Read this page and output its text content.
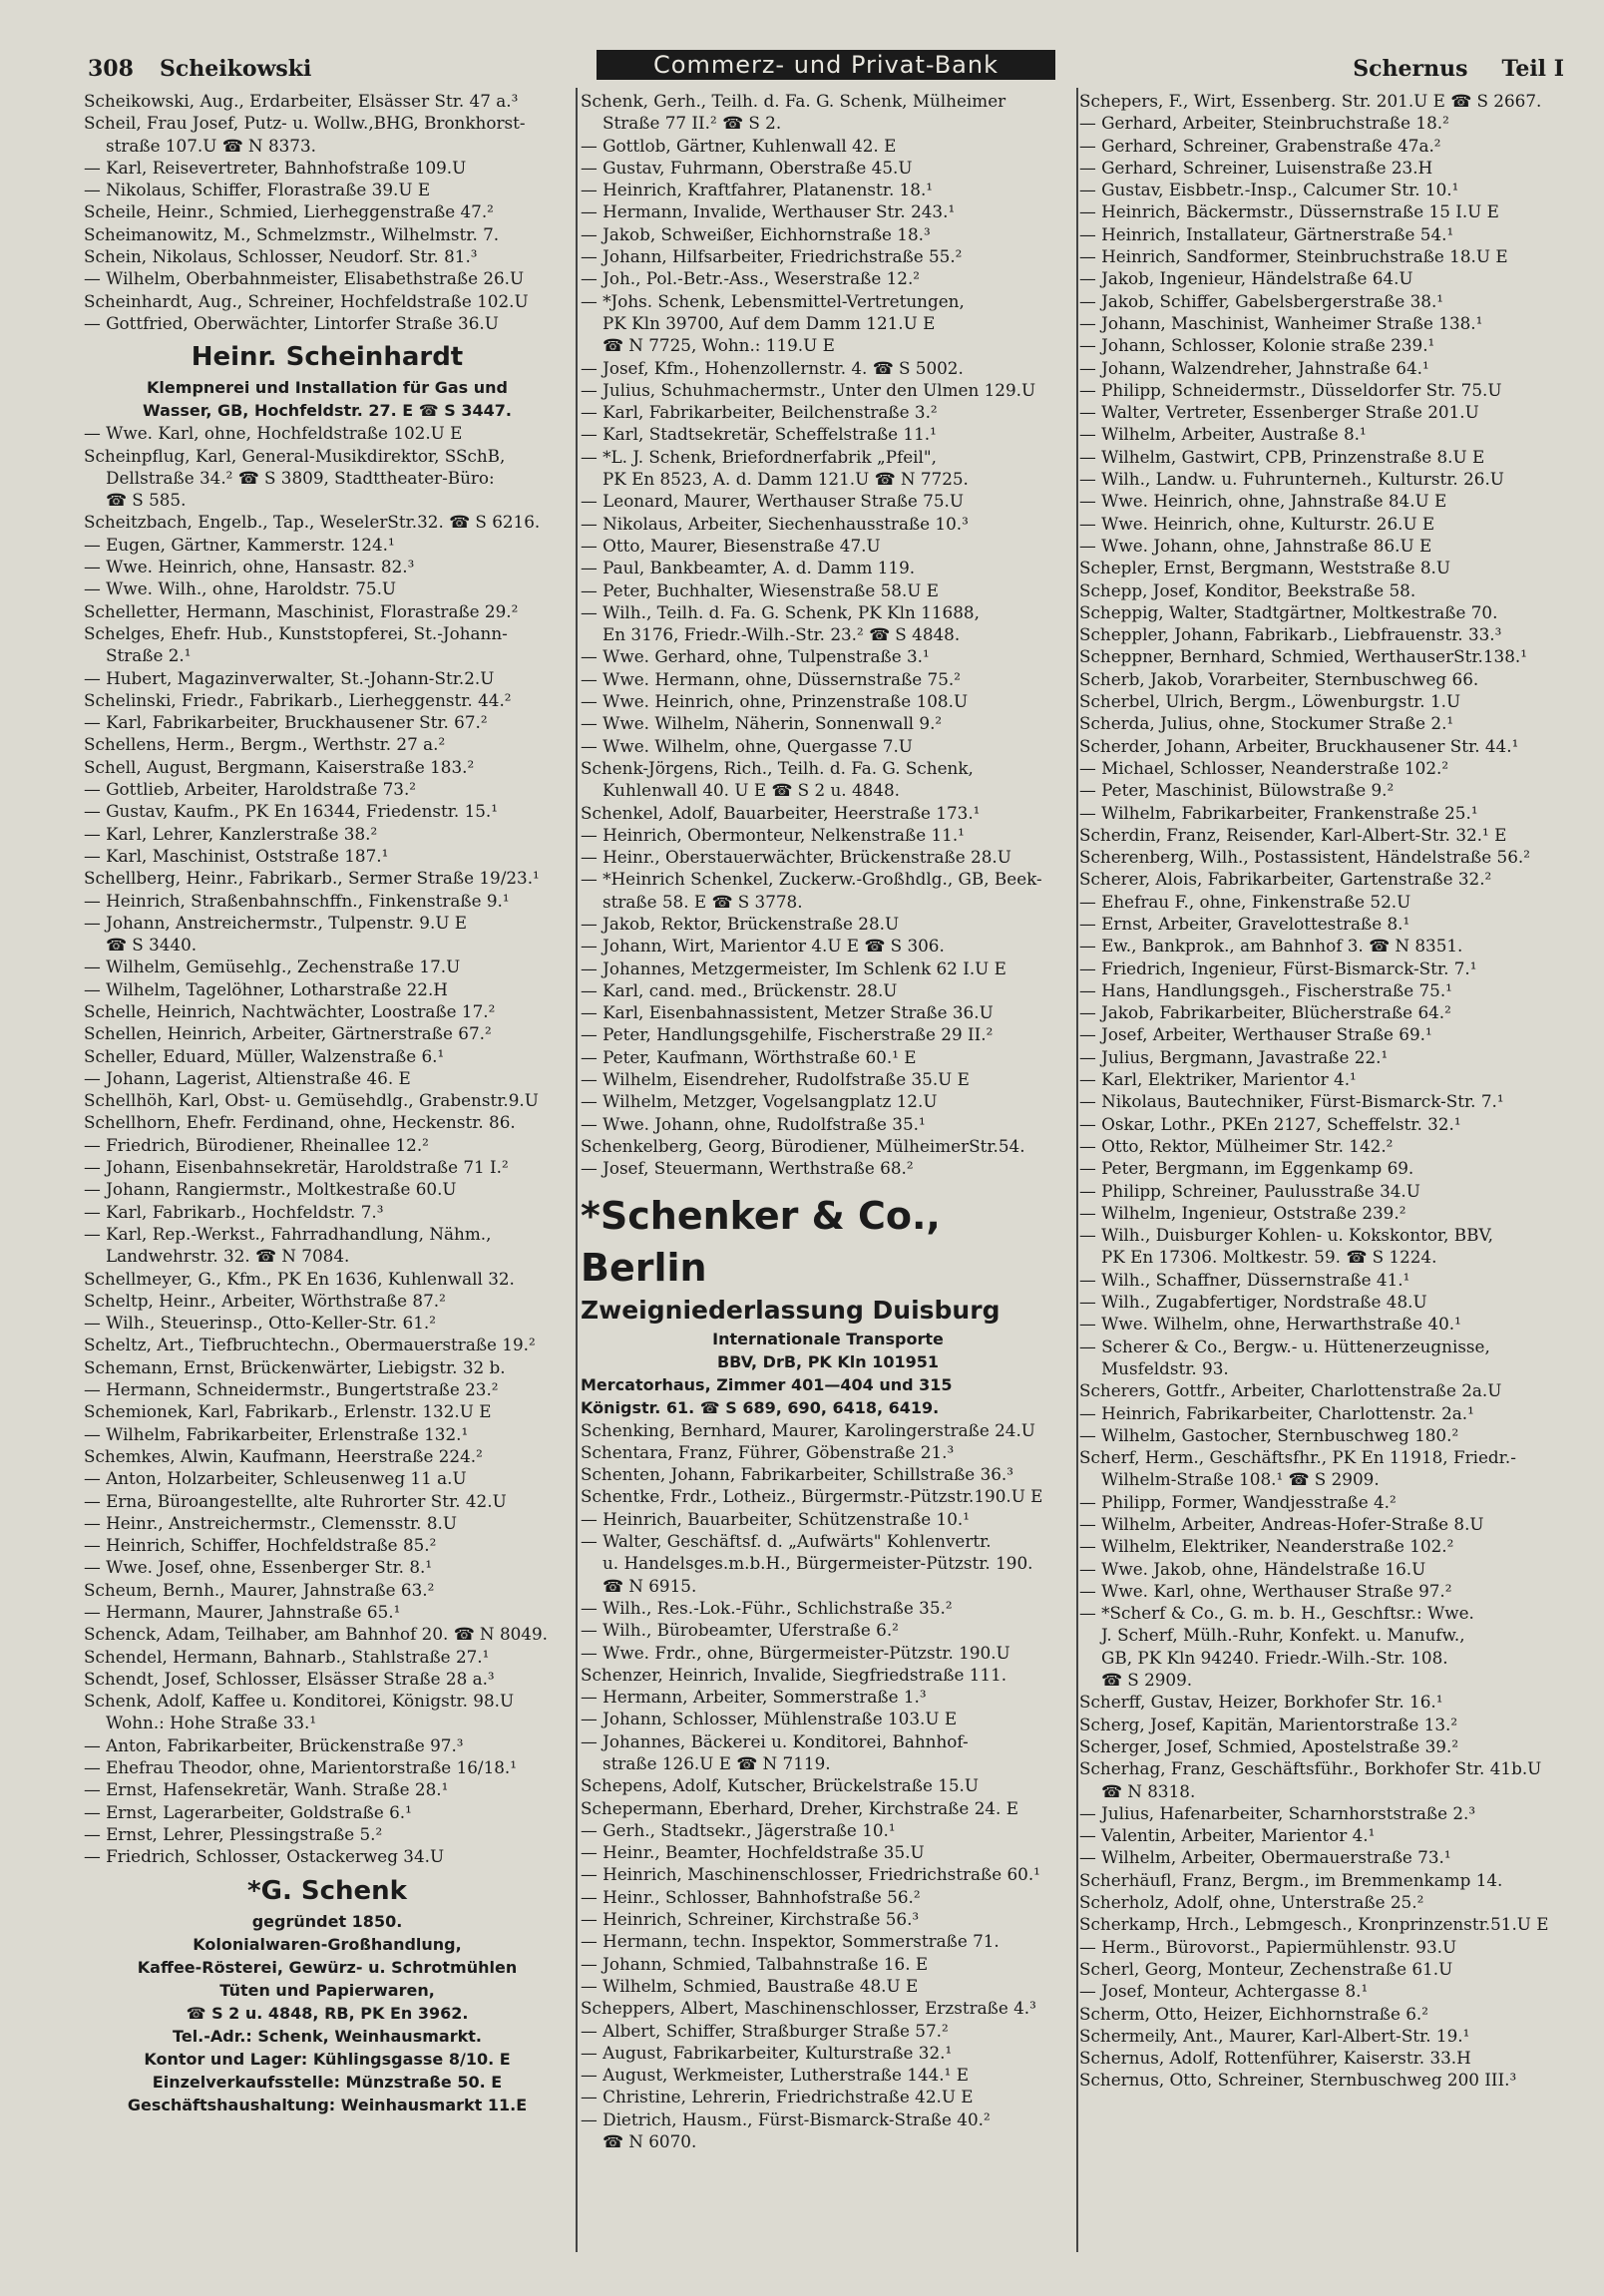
308 Scheikowski	Commerz- und Privat-Bank	Schernus Teil I
Scheikowski, Aug., Erdarbeiter, Elsässer Str. 47 a.³
Scheil, Frau Josef, Putz- u. Wollw.,BHG, Bronkhorst-
straße 107.U ☎ N 8373.
— Karl, Reisevertreter, Bahnhofstraße 109.U
— Nikolaus, Schiffer, Florastraße 39.U E
Scheile, Heinr., Schmied, Lierheggenstraße 47.²
Scheimanowitz, M., Schmelzmstr., Wilhelmstr. 7.
Schein, Nikolaus, Schlosser, Neudorf. Str. 81.³
— Wilhelm, Oberbahnmeister, Elisabethstraße 26.U
Scheinhardt, Aug., Schreiner, Hochfeldstraße 102.U
— Gottfried, Oberwächter, Lintorfer Straße 36.U
Heinr. Scheinhardt
Klempnerei und Installation für Gas und
Wasser, GB, Hochfeldstr. 27. E ☎ S 3447.
— Wwe. Karl, ohne, Hochfeldstraße 102.U E
Scheinpflug, Karl, General-Musikdirektor, SSchB,
Dellstraße 34.² ☎ S 3809, Stadttheater-Büro:
☎ S 585.
Scheitzbach, Engelb., Tap., WeselerStr.32. ☎ S 6216.
— Eugen, Gärtner, Kammerstr. 124.¹
— Wwe. Heinrich, ohne, Hansastr. 82.³
— Wwe. Wilh., ohne, Haroldstr. 75.U
Schelletter, Hermann, Maschinist, Florastraße 29.²
Schelges, Ehefr. Hub., Kunststopferei, St.-Johann-
Straße 2.¹
— Hubert, Magazinverwalter, St.-Johann-Str.2.U
Schelinski, Friedr., Fabrikarb., Lierheggenstr. 44.²
— Karl, Fabrikarbeiter, Bruckhausener Str. 67.²
Schellens, Herm., Bergm., Werthstr. 27 a.²
Schell, August, Bergmann, Kaiserstraße 183.²
— Gottlieb, Arbeiter, Haroldstraße 73.²
— Gustav, Kaufm., PK En 16344, Friedenstr. 15.¹
— Karl, Lehrer, Kanzlerstraße 38.²
— Karl, Maschinist, Oststraße 187.¹
Schellberg, Heinr., Fabrikarb., Sermer Straße 19/23.¹
— Heinrich, Straßenbahnschffn., Finkenstraße 9.¹
— Johann, Anstreichermstr., Tulpenstr. 9.U E
☎ S 3440.
— Wilhelm, Gemüsehlg., Zechenstraße 17.U
— Wilhelm, Tagelöhner, Lotharstraße 22.H
Schelle, Heinrich, Nachtwächter, Loostraße 17.²
Schellen, Heinrich, Arbeiter, Gärtnerstraße 67.²
Scheller, Eduard, Müller, Walzenstraße 6.¹
— Johann, Lagerist, Altienstraße 46. E
Schellhöh, Karl, Obst- u. Gemüsehdlg., Grabenstr.9.U
Schellhorn, Ehefr. Ferdinand, ohne, Heckenstr. 86.
— Friedrich, Bürodiener, Rheinallee 12.²
— Johann, Eisenbahnsekretär, Haroldstraße 71 I.²
— Johann, Rangiermstr., Moltkestraße 60.U
— Karl, Fabrikarb., Hochfeldstr. 7.³
— Karl, Rep.-Werkst., Fahrradhandlung, Nähm.,
Landwehrstr. 32. ☎ N 7084.
Schellmeyer, G., Kfm., PK En 1636, Kuhlenwall 32.
Scheltp, Heinr., Arbeiter, Wörthstraße 87.²
— Wilh., Steuerinsp., Otto-Keller-Str. 61.²
Scheltz, Art., Tiefbruchtechn., Obermauerstraße 19.²
Schemann, Ernst, Brückenwärter, Liebigstr. 32 b.
— Hermann, Schneidermstr., Bungertstraße 23.²
Schemionek, Karl, Fabrikarb., Erlenstr. 132.U E
— Wilhelm, Fabrikarbeiter, Erlenstraße 132.¹
Schemkes, Alwin, Kaufmann, Heerstraße 224.²
— Anton, Holzarbeiter, Schleusenweg 11 a.U
— Erna, Büroangestellte, alte Ruhrorter Str. 42.U
— Heinr., Anstreichermstr., Clemensstr. 8.U
— Heinrich, Schiffer, Hochfeldstraße 85.²
— Wwe. Josef, ohne, Essenberger Str. 8.¹
Scheum, Bernh., Maurer, Jahnstraße 63.²
— Hermann, Maurer, Jahnstraße 65.¹
Schenck, Adam, Teilhaber, am Bahnhof 20. ☎ N 8049.
Schendel, Hermann, Bahnarb., Stahlstraße 27.¹
Schendt, Josef, Schlosser, Elsässer Straße 28 a.³
Schenk, Adolf, Kaffee u. Konditorei, Königstr. 98.U
Wohn.: Hohe Straße 33.¹
— Anton, Fabrikarbeiter, Brückenstraße 97.³
— Ehefrau Theodor, ohne, Marientorstraße 16/18.¹
— Ernst, Hafensekretär, Wanh. Straße 28.¹
— Ernst, Lagerarbeiter, Goldstraße 6.¹
— Ernst, Lehrer, Plessingstraße 5.²
— Friedrich, Schlosser, Ostackerweg 34.U
*G. Schenk
gegründet 1850.
Kolonialwaren-Großhandlung,
Kaffee-Rösterei, Gewürz- u. Schrotmühlen
Tüten und Papierwaren,
☎ S 2 u. 4848, RB, PK En 3962.
Tel.-Adr.: Schenk, Weinhausmarkt.
Kontor und Lager: Kühlingsgasse 8/10. E
Einzelverkaufsstelle: Münzstraße 50. E
Geschäftshaushaltung: Weinhausmarkt 11.E
Schenk, Gerh., Teilh. d. Fa. G. Schenk, Mülheimer
Straße 77 II.² ☎ S 2.
— Gottlob, Gärtner, Kuhlenwall 42. E
— Gustav, Fuhrmann, Oberstraße 45.U
— Heinrich, Kraftfahrer, Platanenstr. 18.¹
— Hermann, Invalide, Werthauser Str. 243.¹
— Jakob, Schweißer, Eichhornstraße 18.³
— Johann, Hilfsarbeiter, Friedrichstraße 55.²
— Joh., Pol.-Betr.-Ass., Weserstraße 12.²
— *Johs. Schenk, Lebensmittel-Vertretungen,
PK Kln 39700, Auf dem Damm 121.U E
☎ N 7725, Wohn.: 119.U E
— Josef, Kfm., Hohenzollernstr. 4. ☎ S 5002.
— Julius, Schuhmachermstr., Unter den Ulmen 129.U
— Karl, Fabrikarbeiter, Beilchenstraße 3.²
— Karl, Stadtsekretär, Scheffelstraße 11.¹
— *L. J. Schenk, Briefordnerfabrik „Pfeil",
PK En 8523, A. d. Damm 121.U ☎ N 7725.
— Leonard, Maurer, Werthauser Straße 75.U
— Nikolaus, Arbeiter, Siechenhausstraße 10.³
— Otto, Maurer, Biesenstraße 47.U
— Paul, Bankbeamter, A. d. Damm 119.
— Peter, Buchhalter, Wiesenstraße 58.U E
— Wilh., Teilh. d. Fa. G. Schenk, PK Kln 11688,
En 3176, Friedr.-Wilh.-Str. 23.² ☎ S 4848.
— Wwe. Gerhard, ohne, Tulpenstraße 3.¹
— Wwe. Hermann, ohne, Düssernstraße 75.²
— Wwe. Heinrich, ohne, Prinzenstraße 108.U
— Wwe. Wilhelm, Näherin, Sonnenwall 9.²
— Wwe. Wilhelm, ohne, Quergasse 7.U
Schenk-Jörgens, Rich., Teilh. d. Fa. G. Schenk,
Kuhlenwall 40. U E ☎ S 2 u. 4848.
Schenkel, Adolf, Bauarbeiter, Heerstraße 173.¹
— Heinrich, Obermonteur, Nelkenstraße 11.¹
— Heinr., Oberstauerwächter, Brückenstraße 28.U
— *Heinrich Schenkel, Zuckerw.-Großhdlg., GB, Beek-
straße 58. E ☎ S 3778.
— Jakob, Rektor, Brückenstraße 28.U
— Johann, Wirt, Marientor 4.U E ☎ S 306.
— Johannes, Metzgermeister, Im Schlenk 62 I.U E
— Karl, cand. med., Brückenstr. 28.U
— Karl, Eisenbahnassistent, Metzer Straße 36.U
— Peter, Handlungsgehilfe, Fischerstraße 29 II.²
— Peter, Kaufmann, Wörthstraße 60.¹ E
— Wilhelm, Eisendreher, Rudolfstraße 35.U E
— Wilhelm, Metzger, Vogelsangplatz 12.U
— Wwe. Johann, ohne, Rudolfstraße 35.¹
Schenkelberg, Georg, Bürodiener, MülheimerStr.54.
— Josef, Steuermann, Werthstraße 68.²
*Schenker & Co., Berlin
Zweigniederlassung Duisburg
Internationale Transporte
BBV, DrB, PK Kln 101951
Mercatorhaus, Zimmer 401—404 und 315
Königstr. 61. ☎ S 689, 690, 6418, 6419.
Schenking, Bernhard, Maurer, Karolingerstraße 24.U
Schentara, Franz, Führer, Göbenstraße 21.³
Schenten, Johann, Fabrikarbeiter, Schillstraße 36.³
Schentke, Frdr., Lotheiz., Bürgermstr.-Pützstr.190.U E
— Heinrich, Bauarbeiter, Schützenstraße 10.¹
— Walter, Geschäftsf. d. „Aufwärts" Kohlenvertr.
u. Handelsges.m.b.H., Bürgermeister-Pützstr. 190.
☎ N 6915.
— Wilh., Res.-Lok.-Führ., Schlichstraße 35.²
— Wilh., Bürobeamter, Uferstraße 6.²
— Wwe. Frdr., ohne, Bürgermeister-Pützstr. 190.U
Schenzer, Heinrich, Invalide, Siegfriedstraße 111.
— Hermann, Arbeiter, Sommerstraße 1.³
— Johann, Schlosser, Mühlenstraße 103.U E
— Johannes, Bäckerei u. Konditorei, Bahnhof-
straße 126.U E ☎ N 7119.
Schepens, Adolf, Kutscher, Brückelstraße 15.U
Schepermann, Eberhard, Dreher, Kirchstraße 24. E
— Gerh., Stadtsekr., Jägerstraße 10.¹
— Heinr., Beamter, Hochfeldstraße 35.U
— Heinrich, Maschinenschlosser, Friedrichstraße 60.¹
— Heinr., Schlosser, Bahnhofstraße 56.²
— Heinrich, Schreiner, Kirchstraße 56.³
— Hermann, techn. Inspektor, Sommerstraße 71.
— Johann, Schmied, Talbahnstraße 16. E
— Wilhelm, Schmied, Baustraße 48.U E
Scheppers, Albert, Maschinenschlosser, Erzstraße 4.³
— Albert, Schiffer, Straßburger Straße 57.²
— August, Fabrikarbeiter, Kulturstraße 32.¹
— August, Werkmeister, Lutherstraße 144.¹ E
— Christine, Lehrerin, Friedrichstraße 42.U E
— Dietrich, Hausm., Fürst-Bismarck-Straße 40.²
☎ N 6070.
Schepers, F., Wirt, Essenberg. Str. 201.U E ☎ S 2667.
— Gerhard, Arbeiter, Steinbruchstraße 18.²
— Gerhard, Schreiner, Grabenstraße 47a.²
— Gerhard, Schreiner, Luisenstraße 23.H
— Gustav, Eisbbetr.-Insp., Calcumer Str. 10.¹
— Heinrich, Bäckermstr., Düssernstraße 15 I.U E
— Heinrich, Installateur, Gärtnerstraße 54.¹
— Heinrich, Sandformer, Steinbruchstraße 18.U E
— Jakob, Ingenieur, Händelstraße 64.U
— Jakob, Schiffer, Gabelsbergerstraße 38.¹
— Johann, Maschinist, Wanheimer Straße 138.¹
— Johann, Schlosser, Kolonie straße 239.¹
— Johann, Walzendreher, Jahnstraße 64.¹
— Philipp, Schneidermstr., Düsseldorfer Str. 75.U
— Walter, Vertreter, Essenberger Straße 201.U
— Wilhelm, Arbeiter, Austraße 8.¹
— Wilhelm, Gastwirt, CPB, Prinzenstraße 8.U E
— Wilh., Landw. u. Fuhrunterneh., Kulturstr. 26.U
— Wwe. Heinrich, ohne, Jahnstraße 84.U E
— Wwe. Heinrich, ohne, Kulturstr. 26.U E
— Wwe. Johann, ohne, Jahnstraße 86.U E
Schepler, Ernst, Bergmann, Weststraße 8.U
Schepp, Josef, Konditor, Beekstraße 58.
Scheppig, Walter, Stadtgärtner, Moltkestraße 70.
Scheppler, Johann, Fabrikarb., Liebfrauenstr. 33.³
Scheppner, Bernhard, Schmied, WerthauserStr.138.¹
Scherb, Jakob, Vorarbeiter, Sternbuschweg 66.
Scherbel, Ulrich, Bergm., Löwenburgstr. 1.U
Scherda, Julius, ohne, Stockumer Straße 2.¹
Scherder, Johann, Arbeiter, Bruckhausener Str. 44.¹
— Michael, Schlosser, Neanderstraße 102.²
— Peter, Maschinist, Bülowstraße 9.²
— Wilhelm, Fabrikarbeiter, Frankenstraße 25.¹
Scherdin, Franz, Reisender, Karl-Albert-Str. 32.¹ E
Scherenberg, Wilh., Postassistent, Händelstraße 56.²
Scherer, Alois, Fabrikarbeiter, Gartenstraße 32.²
— Ehefrau F., ohne, Finkenstraße 52.U
— Ernst, Arbeiter, Gravelottestraße 8.¹
— Ew., Bankprok., am Bahnhof 3. ☎ N 8351.
— Friedrich, Ingenieur, Fürst-Bismarck-Str. 7.¹
— Hans, Handlungsgeh., Fischerstraße 75.¹
— Jakob, Fabrikarbeiter, Blücherstraße 64.²
— Josef, Arbeiter, Werthauser Straße 69.¹
— Julius, Bergmann, Javastraße 22.¹
— Karl, Elektriker, Marientor 4.¹
— Nikolaus, Bautechniker, Fürst-Bismarck-Str. 7.¹
— Oskar, Lothr., PKEn 2127, Scheffelstr. 32.¹
— Otto, Rektor, Mülheimer Str. 142.²
— Peter, Bergmann, im Eggenkamp 69.
— Philipp, Schreiner, Paulusstraße 34.U
— Wilhelm, Ingenieur, Oststraße 239.²
— Wilh., Duisburger Kohlen- u. Kokskontor, BBV,
PK En 17306. Moltkestr. 59. ☎ S 1224.
— Wilh., Schaffner, Düssernstraße 41.¹
— Wilh., Zugabfertiger, Nordstraße 48.U
— Wwe. Wilhelm, ohne, Herwarthstraße 40.¹
— Scherer & Co., Bergw.- u. Hüttenerzeugnisse,
Musfeldstr. 93.
Scherers, Gottfr., Arbeiter, Charlottenstraße 2a.U
— Heinrich, Fabrikarbeiter, Charlottenstr. 2a.¹
— Wilhelm, Gastocher, Sternbuschweg 180.²
Scherf, Herm., Geschäftsfhr., PK En 11918, Friedr.-
Wilhelm-Straße 108.¹ ☎ S 2909.
— Philipp, Former, Wandjesstraße 4.²
— Wilhelm, Arbeiter, Andreas-Hofer-Straße 8.U
— Wilhelm, Elektriker, Neanderstraße 102.²
— Wwe. Jakob, ohne, Händelstraße 16.U
— Wwe. Karl, ohne, Werthauser Straße 97.²
— *Scherf & Co., G. m. b. H., Geschftsr.: Wwe.
J. Scherf, Mülh.-Ruhr, Konfekt. u. Manufw.,
GB, PK Kln 94240. Friedr.-Wilh.-Str. 108.
☎ S 2909.
Scherff, Gustav, Heizer, Borkhofer Str. 16.¹
Scherg, Josef, Kapitän, Marientorstraße 13.²
Scherger, Josef, Schmied, Apostelstraße 39.²
Scherhag, Franz, Geschäftsführ., Borkhofer Str. 41b.U
☎ N 8318.
— Julius, Hafenarbeiter, Scharnhorststraße 2.³
— Valentin, Arbeiter, Marientor 4.¹
— Wilhelm, Arbeiter, Obermauerstraße 73.¹
Scherhäufl, Franz, Bergm., im Bremmenkamp 14.
Scherholz, Adolf, ohne, Unterstraße 25.²
Scherkamp, Hrch., Lebmgesch., Kronprinzenstr.51.U E
— Herm., Bürovorst., Papiermühlenstr. 93.U
Scherl, Georg, Monteur, Zechenstraße 61.U
— Josef, Monteur, Achtergasse 8.¹
Scherm, Otto, Heizer, Eichhornstraße 6.²
Schermeily, Ant., Maurer, Karl-Albert-Str. 19.¹
Schernus, Adolf, Rottenführer, Kaiserstr. 33.H
Schernus, Otto, Schreiner, Sternbuschweg 200 III.³
